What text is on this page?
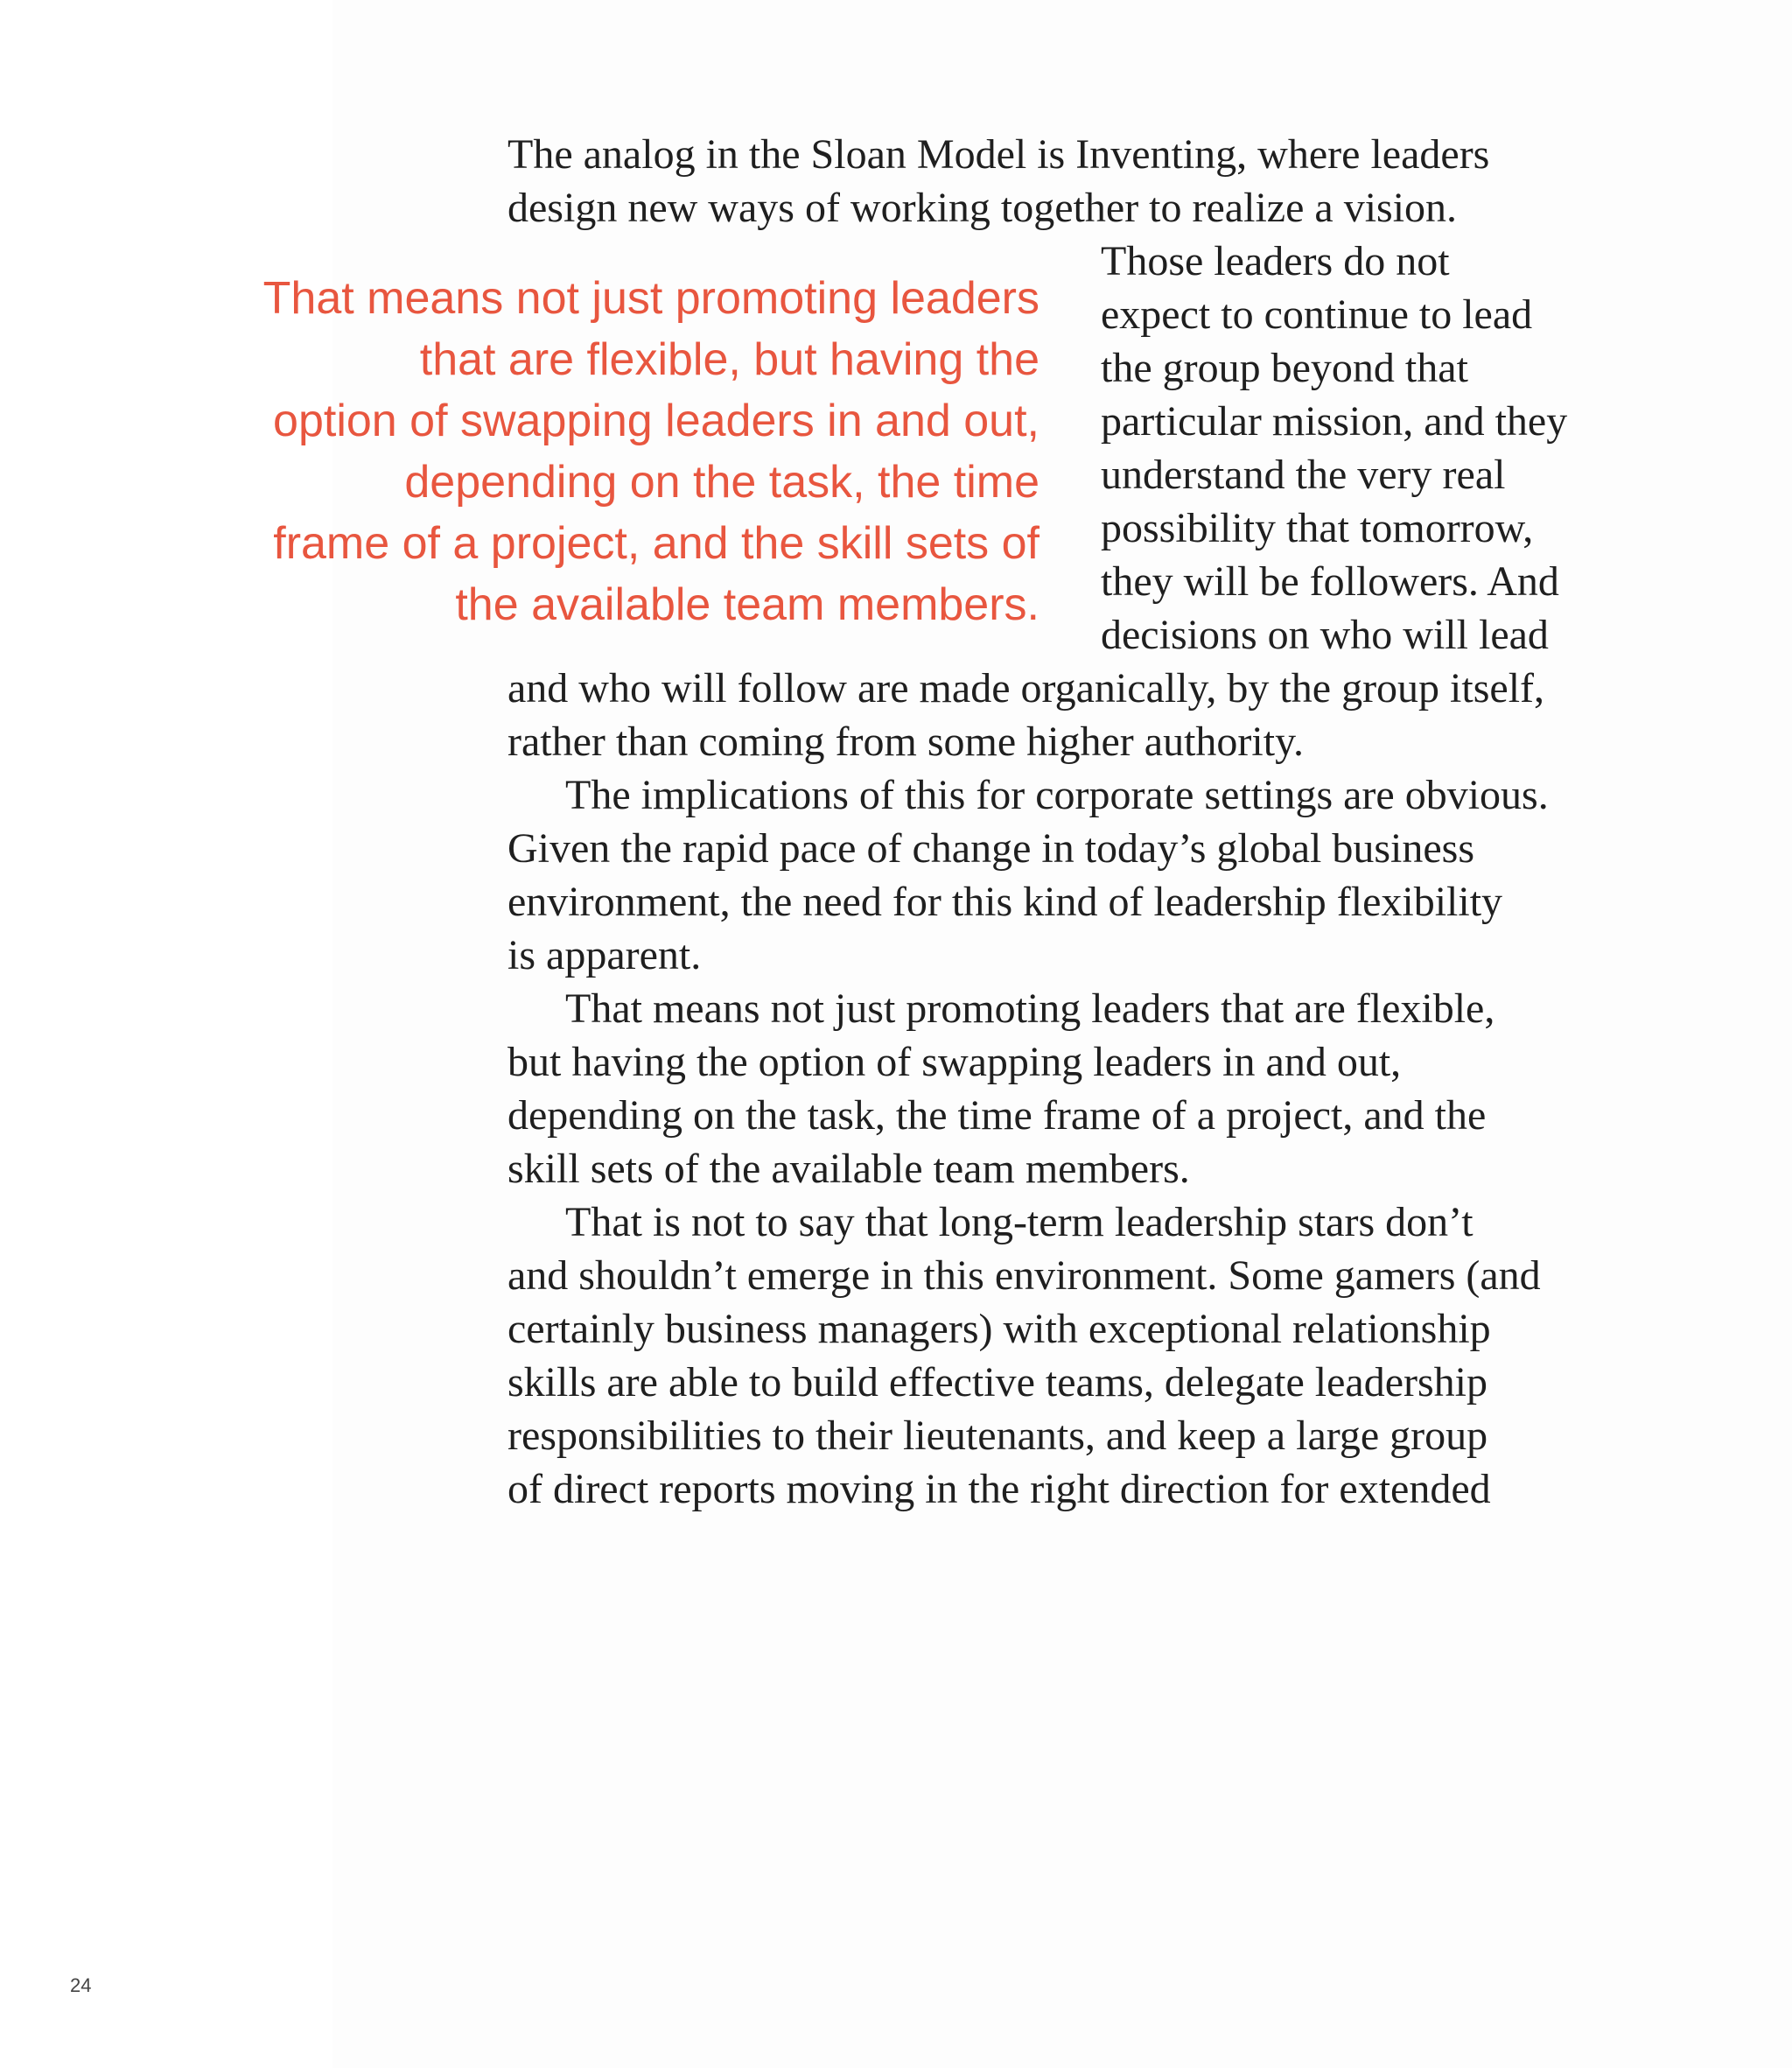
The analog in the Sloan Model is Inventing, where leaders
design new ways of working together to realize a vision.
That means not just promoting leaders
that are flexible, but having the
option of swapping leaders in and out,
depending on the task, the time
frame of a project, and the skill sets of
the available team members.
Those leaders do not
expect to continue to lead
the group beyond that
particular mission, and they
understand the very real
possibility that tomorrow,
they will be followers. And
decisions on who will lead
and who will follow are made organically, by the group itself,
rather than coming from some higher authority.
The implications of this for corporate settings are obvious.
Given the rapid pace of change in today’s global business
environment, the need for this kind of leadership flexibility
is apparent.
That means not just promoting leaders that are flexible,
but having the option of swapping leaders in and out,
depending on the task, the time frame of a project, and the
skill sets of the available team members.
That is not to say that long-term leadership stars don’t
and shouldn’t emerge in this environment. Some gamers (and
certainly business managers) with exceptional relationship
skills are able to build effective teams, delegate leadership
responsibilities to their lieutenants, and keep a large group
of direct reports moving in the right direction for extended
24
